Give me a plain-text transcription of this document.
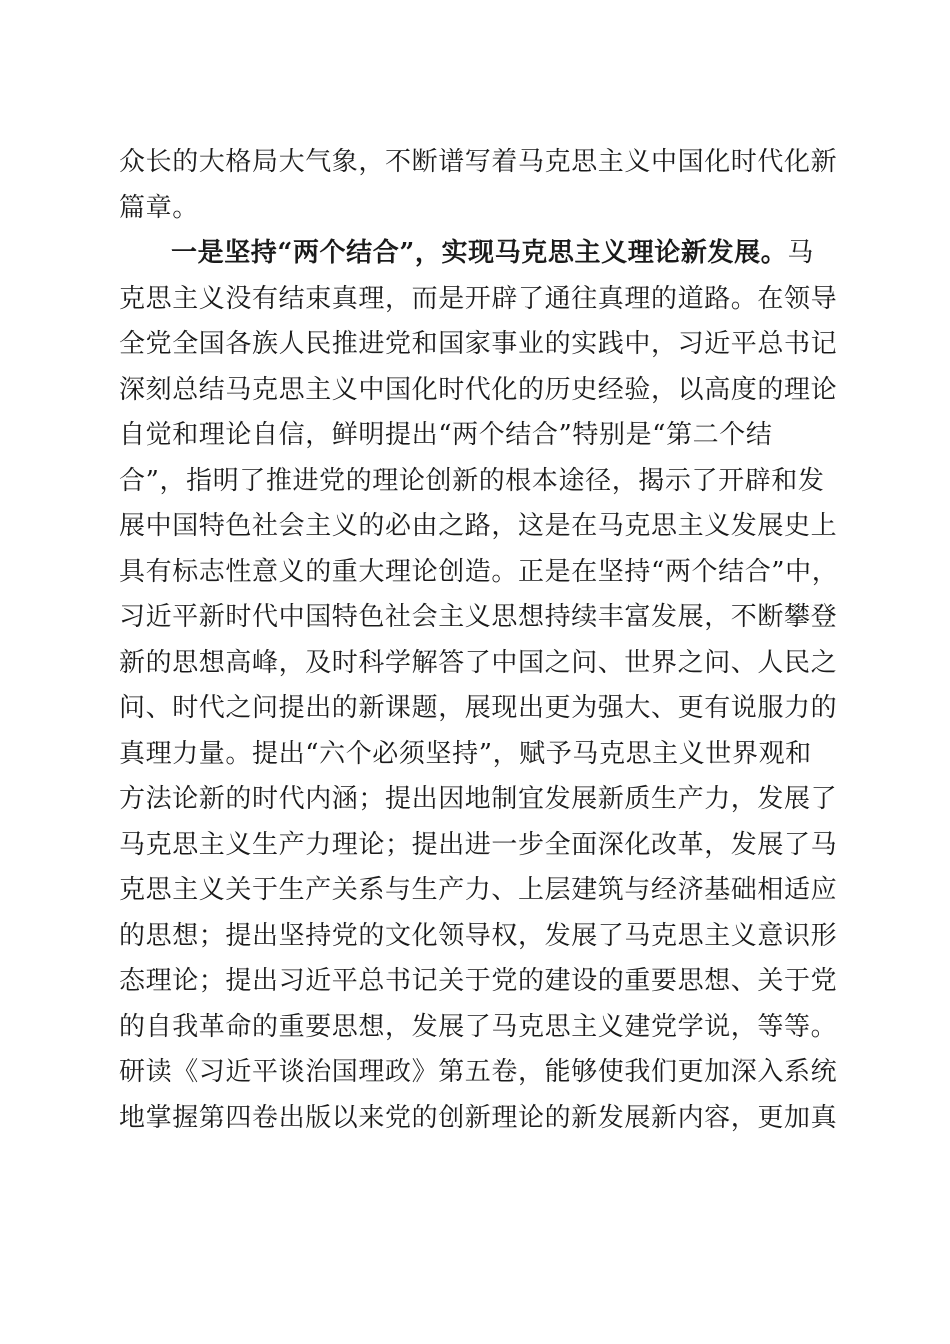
众长的大格局大气象，不断谱写着马克思主义中国化时代化新
篇章。
一是坚持“两个结合”，实现马克思主义理论新发展。马
克思主义没有结束真理，而是开辟了通往真理的道路。在领导
全党全国各族人民推进党和国家事业的实践中，习近平总书记
深刻总结马克思主义中国化时代化的历史经验，以高度的理论
自觉和理论自信，鲜明提出“两个结合”特别是“第二个结
合”，指明了推进党的理论创新的根本途径，揭示了开辟和发
展中国特色社会主义的必由之路，这是在马克思主义发展史上
具有标志性意义的重大理论创造。正是在坚持“两个结合”中，
习近平新时代中国特色社会主义思想持续丰富发展，不断攀登
新的思想高峰，及时科学解答了中国之问、世界之问、人民之
问、时代之问提出的新课题，展现出更为强大、更有说服力的
真理力量。提出“六个必须坚持”，赋予马克思主义世界观和
方法论新的时代内涵；提出因地制宜发展新质生产力，发展了
马克思主义生产力理论；提出进一步全面深化改革，发展了马
克思主义关于生产关系与生产力、上层建筑与经济基础相适应
的思想；提出坚持党的文化领导权，发展了马克思主义意识形
态理论；提出习近平总书记关于党的建设的重要思想、关于党
的自我革命的重要思想，发展了马克思主义建党学说，等等。
研读《习近平谈治国理政》第五卷，能够使我们更加深入系统
地掌握第四卷出版以来党的创新理论的新发展新内容，更加真
